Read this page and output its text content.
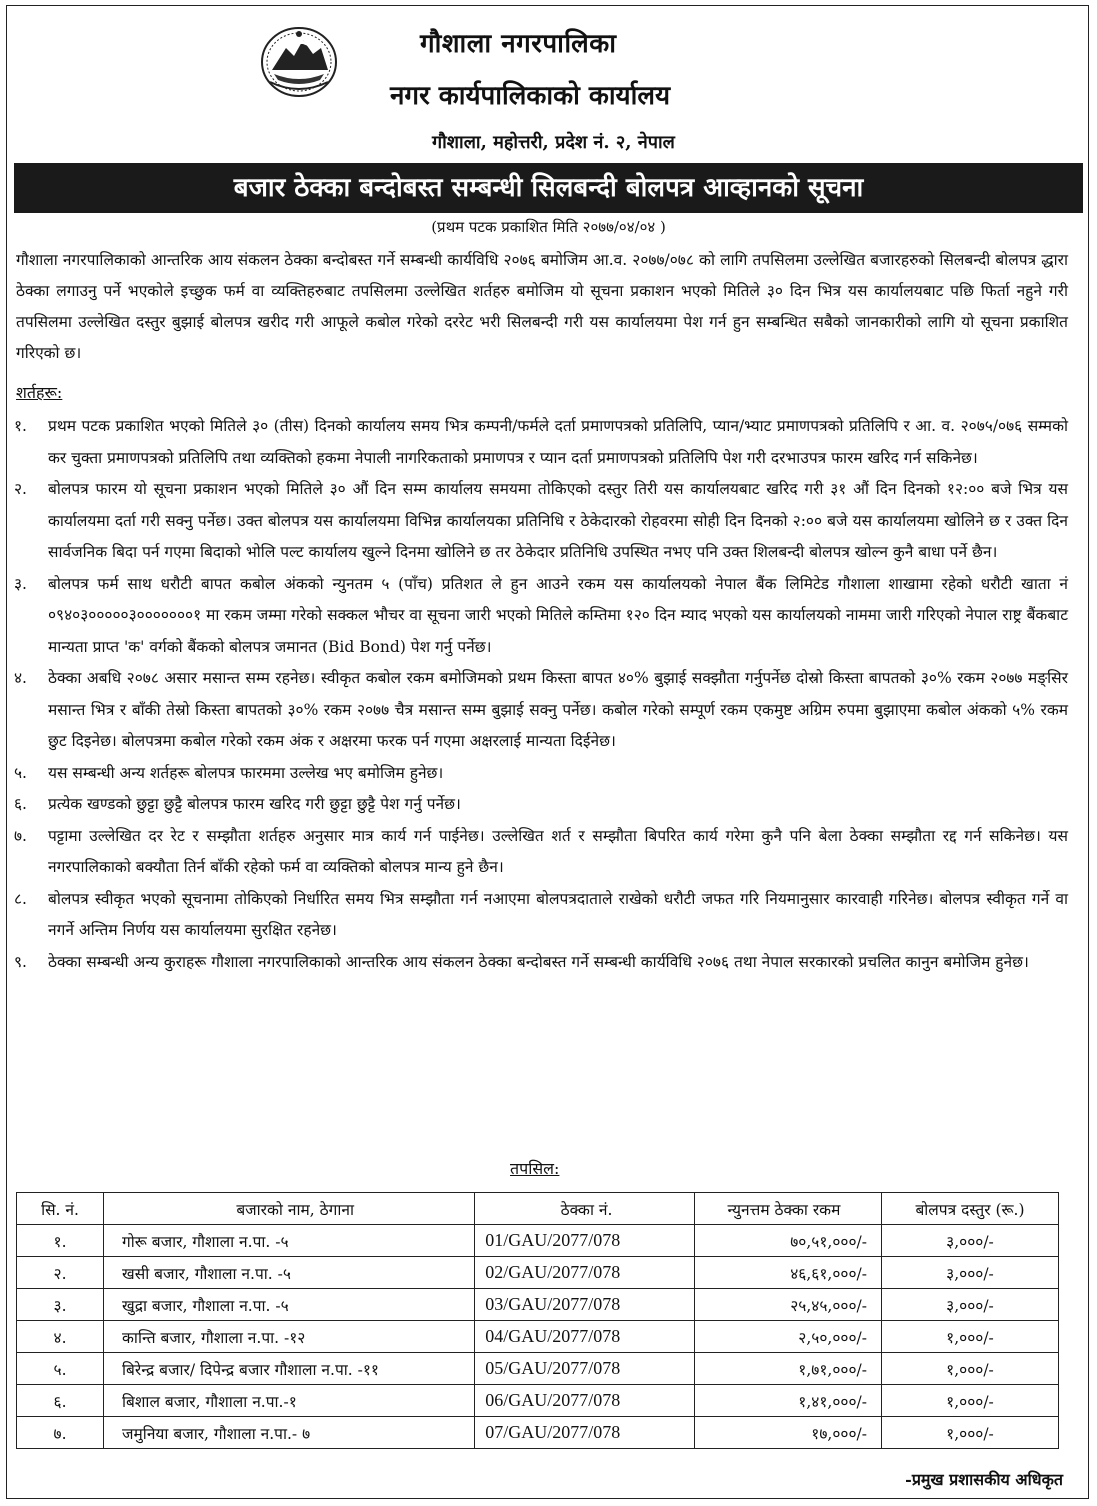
गौशाला नगरपालिका
नगर कार्यपालिकाको कार्यालय
गौशाला, महोत्तरी, प्रदेश नं. २, नेपाल
बजार ठेक्का बन्दोबस्त सम्बन्धी सिलबन्दी बोलपत्र आव्हानको सूचना
(प्रथम पटक प्रकाशित मिति २०७७/०४/०४ )
गौशाला नगरपालिकाको आन्तरिक आय संकलन ठेक्का बन्दोबस्त गर्ने सम्बन्धी कार्यविधि २०७६ बमोजिम आ.व. २०७७/०७८ को लागि तपसिलमा उल्लेखित बजारहरुको सिलबन्दी बोलपत्र द्धारा ठेक्का लगाउनु पर्ने भएकोले इच्छुक फर्म वा व्यक्तिहरुबाट तपसिलमा उल्लेखित शर्तहरु बमोजिम यो सूचना प्रकाशन भएको मितिले ३० दिन भित्र यस कार्यालयबाट पछि फिर्ता नहुने गरी तपसिलमा उल्लेखित दस्तुर बुझाई बोलपत्र खरीद गरी आफूले कबोल गरेको दररेट भरी सिलबन्दी गरी यस कार्यालयमा पेश गर्न हुन सम्बन्धित सबैको जानकारीको लागि यो सूचना प्रकाशित गरिएको छ।
शर्तहरू:
१.	प्रथम पटक प्रकाशित भएको मितिले ३० (तीस) दिनको कार्यालय समय भित्र कम्पनी/फर्मले दर्ता प्रमाणपत्रको प्रतिलिपि, प्यान/भ्याट प्रमाणपत्रको प्रतिलिपि र आ. व. २०७५/०७६ सम्मको कर चुक्ता प्रमाणपत्रको प्रतिलिपि तथा व्यक्तिको हकमा नेपाली नागरिकताको प्रमाणपत्र र प्यान दर्ता प्रमाणपत्रको प्रतिलिपि पेश गरी दरभाउपत्र फारम खरिद गर्न सकिनेछ।
२.	बोलपत्र फारम यो सूचना प्रकाशन भएको मितिले ३० औं दिन सम्म कार्यालय समयमा तोकिएको दस्तुर तिरी यस कार्यालयबाट खरिद गरी ३१ औं दिन दिनको १२:०० बजे भित्र यस कार्यालयमा दर्ता गरी सक्नु पर्नेछ। उक्त बोलपत्र यस कार्यालयमा विभिन्न कार्यालयका प्रतिनिधि र ठेकेदारको रोहवरमा सोही दिन दिनको २:०० बजे यस कार्यालयमा खोलिने छ र उक्त दिन सार्वजनिक बिदा पर्न गएमा बिदाको भोलि पल्ट कार्यालय खुल्ने दिनमा खोलिने छ तर ठेकेदार प्रतिनिधि उपस्थित नभए पनि उक्त शिलबन्दी बोलपत्र खोल्न कुनै बाधा पर्ने छैन।
३.	बोलपत्र फर्म साथ धरौटी बापत कबोल अंकको न्युनतम ५ (पाँच) प्रतिशत ले हुन आउने रकम यस कार्यालयको नेपाल बैंक लिमिटेड गौशाला शाखामा रहेको धरौटी खाता नं ०९४०३०००००३०००००००१ मा रकम जम्मा गरेको सक्कल भौचर वा सूचना जारी भएको मितिले कम्तिमा १२० दिन म्याद भएको यस कार्यालयको नाममा जारी गरिएको नेपाल राष्ट्र बैंकबाट मान्यता प्राप्त 'क' वर्गको बैंकको बोलपत्र जमानत (Bid Bond) पेश गर्नु पर्नेछ।
४.	ठेक्का अबधि २०७८ असार मसान्त सम्म रहनेछ। स्वीकृत कबोल रकम बमोजिमको प्रथम किस्ता बापत ४०% बुझाई सक्झौता गर्नुपर्नेछ दोस्रो किस्ता बापतको ३०% रकम २०७७ मङ्सिर मसान्त भित्र र बाँकी तेस्रो किस्ता बापतको ३०% रकम २०७७ चैत्र मसान्त सम्म बुझाई सक्नु पर्नेछ। कबोल गरेको सम्पूर्ण रकम एकमुष्ट अग्रिम रुपमा बुझाएमा कबोल अंकको ५% रकम छुट दिइनेछ। बोलपत्रमा कबोल गरेको रकम अंक र अक्षरमा फरक पर्न गएमा अक्षरलाई मान्यता दिईनेछ।
५.	यस सम्बन्धी अन्य शर्तहरू बोलपत्र फारममा उल्लेख भए बमोजिम हुनेछ।
६.	प्रत्येक खण्डको छुट्टा छुट्टै बोलपत्र फारम खरिद गरी छुट्टा छुट्टै पेश गर्नु पर्नेछ।
७.	पट्टामा उल्लेखित दर रेट र सम्झौता शर्तहरु अनुसार मात्र कार्य गर्न पाईनेछ। उल्लेखित शर्त र सम्झौता बिपरित कार्य गरेमा कुनै पनि बेला ठेक्का सम्झौता रद्द गर्न सकिनेछ। यस नगरपालिकाको बक्यौता तिर्न बाँकी रहेको फर्म वा व्यक्तिको बोलपत्र मान्य हुने छैन।
८.	बोलपत्र स्वीकृत भएको सूचनामा तोकिएको निर्धारित समय भित्र सम्झौता गर्न नआएमा बोलपत्रदाताले राखेको धरौटी जफत गरि नियमानुसार कारवाही गरिनेछ। बोलपत्र स्वीकृत गर्ने वा नगर्ने अन्तिम निर्णय यस कार्यालयमा सुरक्षित रहनेछ।
९.	ठेक्का सम्बन्धी अन्य कुराहरू गौशाला नगरपालिकाको आन्तरिक आय संकलन ठेक्का बन्दोबस्त गर्ने सम्बन्धी कार्यविधि २०७६ तथा नेपाल सरकारको प्रचलित कानुन बमोजिम हुनेछ।
तपसिल:
सि. नं.	बजारको नाम, ठेगाना	ठेक्का नं.	न्युनत्तम ठेक्का रकम	बोलपत्र दस्तुर (रू.)
१.	गोरू बजार, गौशाला न.पा. -५	01/GAU/2077/078	७०,५१,०००/-	३,०००/-
२.	खसी बजार, गौशाला न.पा. -५	02/GAU/2077/078	४६,६१,०००/-	३,०००/-
३.	खुद्रा बजार, गौशाला न.पा. -५	03/GAU/2077/078	२५,४५,०००/-	३,०००/-
४.	कान्ति बजार, गौशाला न.पा. -१२	04/GAU/2077/078	२,५०,०००/-	१,०००/-
५.	बिरेन्द्र बजार/ दिपेन्द्र बजार गौशाला न.पा. -११	05/GAU/2077/078	१,७१,०००/-	१,०००/-
६.	बिशाल बजार, गौशाला न.पा.-१	06/GAU/2077/078	१,४१,०००/-	१,०००/-
७.	जमुनिया बजार, गौशाला न.पा.- ७	07/GAU/2077/078	१७,०००/-	१,०००/-
-प्रमुख प्रशासकीय अधिकृत
